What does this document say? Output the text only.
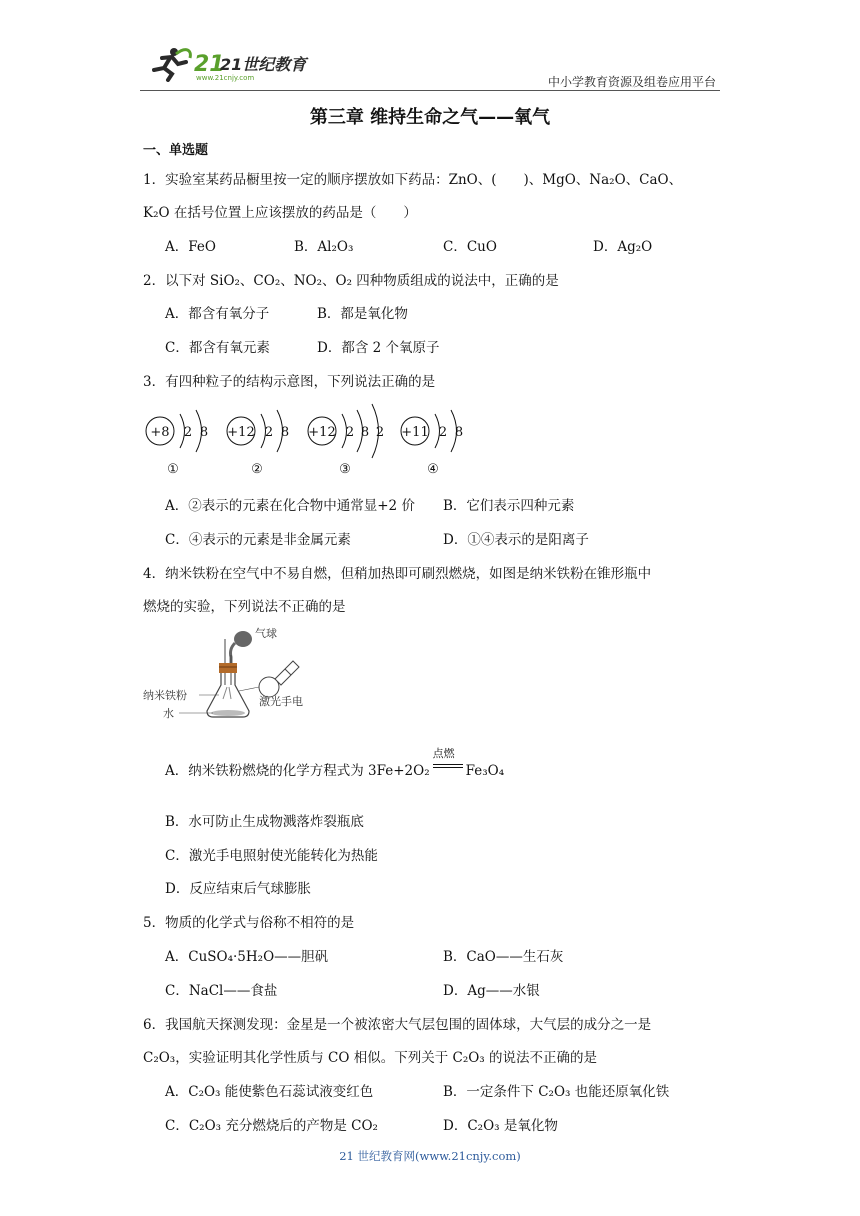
21
21世纪教育
www.21cnjy.com	中小学教育资源及组卷应用平台
第三章 维持生命之气——氧气
一、单选题
1．实验室某药品橱里按一定的顺序摆放如下药品：ZnO、(　　)、MgO、Na₂O、CaO、
K₂O 在括号位置上应该摆放的药品是（　　）
A．FeO	B．Al₂O₃	C．CuO	D．Ag₂O
2．以下对 SiO₂、CO₂、NO₂、O₂ 四种物质组成的说法中，正确的是
A．都含有氧分子	B．都是氧化物
C．都含有氧元素	D．都含 2 个氧原子
3．有四种粒子的结构示意图，下列说法正确的是
+8 2 8
①
+12 2 8
②
+12 2 8 2
③
+11 2 8
④
A．②表示的元素在化合物中通常显+2 价 B．它们表示四种元素
C．④表示的元素是非金属元素	D．①④表示的是阳离子
4．纳米铁粉在空气中不易自燃，但稍加热即可刷烈燃烧，如图是纳米铁粉在锥形瓶中
燃烧的实验，下列说法不正确的是
气球
纳米铁粉
水
激光手电
A．纳米铁粉燃烧的化学方程式为 3Fe+2O₂
点燃
Fe₃O₄
B．水可防止生成物溅落炸裂瓶底
C．激光手电照射使光能转化为热能
D．反应结束后气球膨胀
5．物质的化学式与俗称不相符的是
A．CuSO₄·5H₂O——胆矾	B．CaO——生石灰
C．NaCl——食盐	D．Ag——水银
6．我国航天探测发现：金星是一个被浓密大气层包围的固体球，大气层的成分之一是
C₂O₃，实验证明其化学性质与 CO 相似。下列关于 C₂O₃ 的说法不正确的是
A．C₂O₃ 能使紫色石蕊试液变红色	B．一定条件下 C₂O₃ 也能还原氧化铁
C．C₂O₃ 充分燃烧后的产物是 CO₂	D．C₂O₃ 是氧化物
21 世纪教育网(www.21cnjy.com)
